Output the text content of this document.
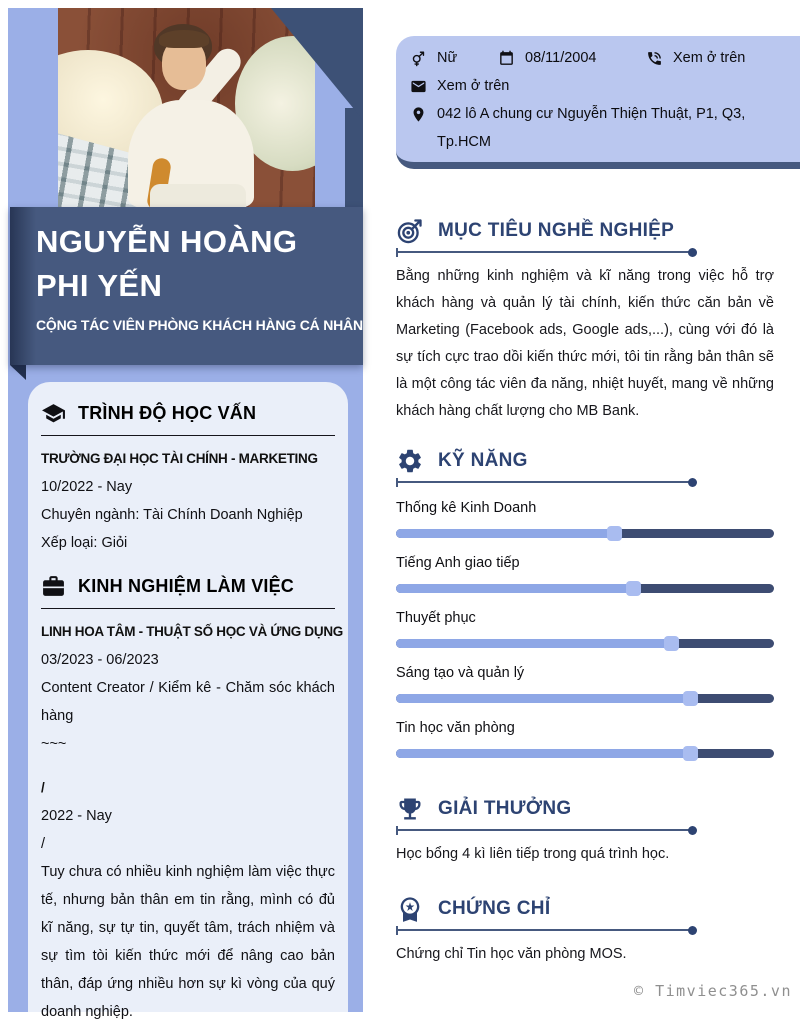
NGUYỄN HOÀNG PHI YẾN
CỘNG TÁC VIÊN PHÒNG KHÁCH HÀNG CÁ NHÂN
TRÌNH ĐỘ HỌC VẤN
TRƯỜNG ĐẠI HỌC TÀI CHÍNH - MARKETING
10/2022 - Nay
Chuyên ngành: Tài Chính Doanh Nghiệp
Xếp loại: Giỏi
KINH NGHIỆM LÀM VIỆC
LINH HOA TÂM - THUẬT SỐ HỌC VÀ ỨNG DỤNG
03/2023 - 06/2023
Content Creator / Kiểm kê - Chăm sóc khách hàng
~~~
/
2022 - Nay
/
Tuy chưa có nhiều kinh nghiệm làm việc thực tế, nhưng bản thân em tin rằng, mình có đủ kĩ năng, sự tự tin, quyết tâm, trách nhiệm và sự tìm tòi kiến thức mới để nâng cao bản thân, đáp ứng nhiều hơn sự kì vòng của quý doanh nghiệp.
Nữ	08/11/2004	Xem ở trên
Xem ở trên
042 lô A chung cư Nguyễn Thiện Thuật, P1, Q3, Tp.HCM
MỤC TIÊU NGHỀ NGHIỆP
Bằng những kinh nghiệm và kĩ năng trong việc hỗ trợ khách hàng và quản lý tài chính, kiến thức căn bản về Marketing (Facebook ads, Google ads,...), cùng với đó là sự tích cực trao dồi kiến thức mới, tôi tin rằng bản thân sẽ là một công tác viên đa năng, nhiệt huyết, mang về những khách hàng chất lượng cho MB Bank.
KỸ NĂNG
Thống kê Kinh Doanh
Tiếng Anh giao tiếp
Thuyết phục
Sáng tạo và quản lý
Tin học văn phòng
GIẢI THƯỞNG
Học bổng 4 kì liên tiếp trong quá trình học.
CHỨNG CHỈ
Chứng chỉ Tin học văn phòng MOS.
© Timviec365.vn
